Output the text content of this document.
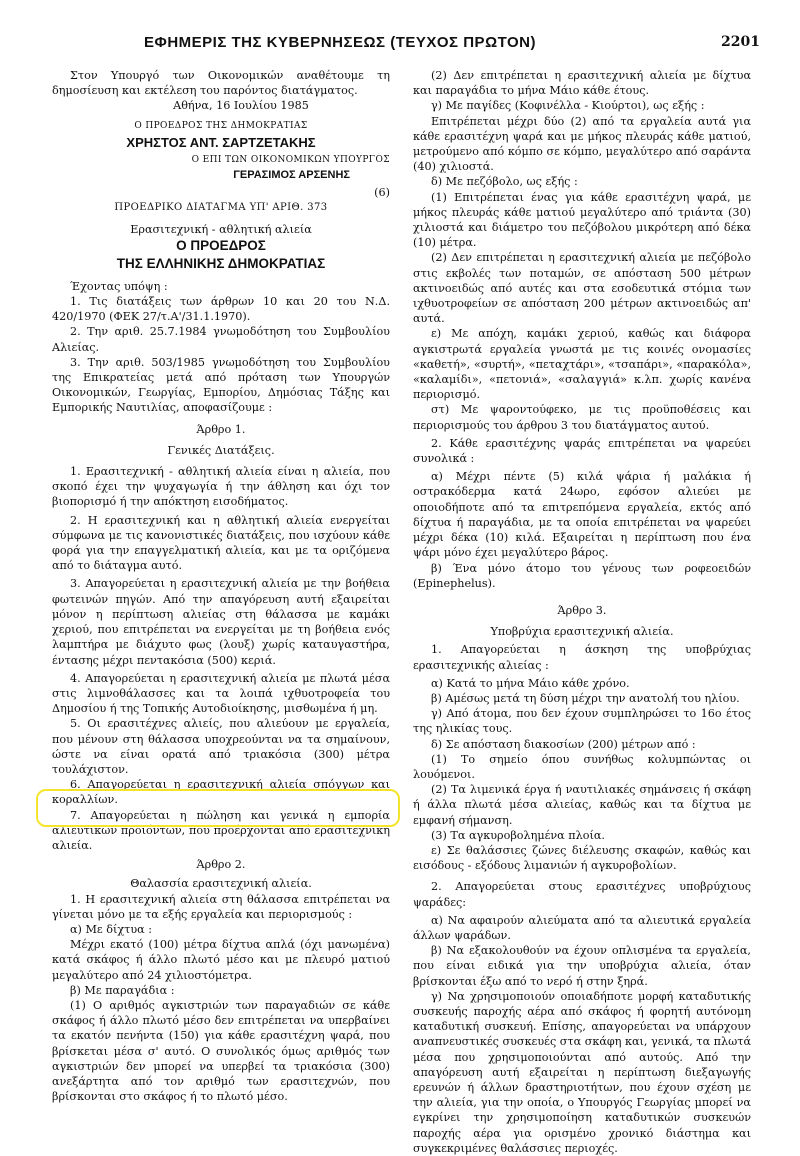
ΕΦΗΜΕΡΙΣ ΤΗΣ ΚΥΒΕΡΝΗΣΕΩΣ (ΤΕΥΧΟΣ ΠΡΩΤΟΝ)	2201

Στον Υπουργό των Οικονομικών αναθέτουμε τη δημοσίευση και εκτέλεση του παρόντος διατάγματος.

Αθήνα, 16 Ιουλίου 1985

Ο ΠΡΟΕΔΡΟΣ ΤΗΣ ΔΗΜΟΚΡΑΤΙΑΣ

ΧΡΗΣΤΟΣ ΑΝΤ. ΣΑΡΤΖΕΤΑΚΗΣ

Ο ΕΠΙ ΤΩΝ ΟΙΚΟΝΟΜΙΚΩΝ ΥΠΟΥΡΓΟΣ

ΓΕΡΑΣΙΜΟΣ ΑΡΣΕΝΗΣ

(6)

ΠΡΟΕΔΡΙΚΟ ΔΙΑΤΑΓΜΑ ΥΠ' ΑΡΙΘ. 373

Ερασιτεχνική - αθλητική αλιεία

Ο ΠΡΟΕΔΡΟΣ

ΤΗΣ ΕΛΛΗΝΙΚΗΣ ΔΗΜΟΚΡΑΤΙΑΣ

Έχοντας υπόψη :

1. Τις διατάξεις των άρθρων 10 και 20 του Ν.Δ. 420/1970 (ΦΕΚ 27/τ.Α'/31.1.1970).

2. Την αριθ. 25.7.1984 γνωμοδότηση του Συμβουλίου Αλιείας.

3. Την αριθ. 503/1985 γνωμοδότηση του Συμβουλίου της Επικρατείας μετά από πρόταση των Υπουργών Οικονομικών, Γεωργίας, Εμπορίου, Δημόσιας Τάξης και Εμπορικής Ναυτιλίας, αποφασίζουμε :

Άρθρο 1.

Γενικές Διατάξεις.

1. Ερασιτεχνική - αθλητική αλιεία είναι η αλιεία, που σκοπό έχει την ψυχαγωγία ή την άθληση και όχι τον βιοπορισμό ή την απόκτηση εισοδήματος.

2. Η ερασιτεχνική και η αθλητική αλιεία ενεργείται σύμφωνα με τις κανονιστικές διατάξεις, που ισχύουν κάθε φορά για την επαγγελματική αλιεία, και με τα οριζόμενα από το διάταγμα αυτό.

3. Απαγορεύεται η ερασιτεχνική αλιεία με την βοήθεια φωτεινών πηγών. Από την απαγόρευση αυτή εξαιρείται μόνον η περίπτωση αλιείας στη θάλασσα με καμάκι χεριού, που επιτρέπεται να ενεργείται με τη βοήθεια ενός λαμπτήρα με διάχυτο φως (λουξ) χωρίς καταυγαστήρα, έντασης μέχρι πεντακόσια (500) κεριά.

4. Απαγορεύεται η ερασιτεχνική αλιεία με πλωτά μέσα στις λιμνοθάλασσες και τα λοιπά ιχθυοτροφεία του Δημοσίου ή της Τοπικής Αυτοδιοίκησης, μισθωμένα ή μη.

5. Οι ερασιτέχνες αλιείς, που αλιεύουν με εργαλεία, που μένουν στη θάλασσα υποχρεούνται να τα σημαίνουν, ώστε να είναι ορατά από τριακόσια (300) μέτρα τουλάχιστον.

6. Απαγορεύεται η ερασιτεχνική αλιεία σπόγγων και κοραλλίων.

7. Απαγορεύεται η πώληση και γενικά η εμπορία αλιευτικών προϊόντων, που προέρχονται από ερασιτεχνική αλιεία.

Άρθρο 2.

Θαλασσία ερασιτεχνική αλιεία.

1. Η ερασιτεχνική αλιεία στη θάλασσα επιτρέπεται να γίνεται μόνο με τα εξής εργαλεία και περιορισμούς :

α) Με δίχτυα :

Μέχρι εκατό (100) μέτρα δίχτυα απλά (όχι μανωμένα) κατά σκάφος ή άλλο πλωτό μέσο και με πλευρό ματιού μεγαλύτερο από 24 χιλιοστόμετρα.

β) Με παραγάδια :

(1) Ο αριθμός αγκιστριών των παραγαδιών σε κάθε σκάφος ή άλλο πλωτό μέσο δεν επιτρέπεται να υπερβαίνει τα εκατόν πενήντα (150) για κάθε ερασιτέχνη ψαρά, που βρίσκεται μέσα σ' αυτό. Ο συνολικός όμως αριθμός των αγκιστριών δεν μπορεί να υπερβεί τα τριακόσια (300) ανεξάρτητα από τον αριθμό των ερασιτεχνών, που βρίσκονται στο σκάφος ή το πλωτό μέσο.

(2) Δεν επιτρέπεται η ερασιτεχνική αλιεία με δίχτυα και παραγάδια το μήνα Μάιο κάθε έτους.

γ) Με παγίδες (Κοφινέλλα - Κιούρτοι), ως εξής :

Επιτρέπεται μέχρι δύο (2) από τα εργαλεία αυτά για κάθε ερασιτέχνη ψαρά και με μήκος πλευράς κάθε ματιού, μετρούμενο από κόμπο σε κόμπο, μεγαλύτερο από σαράντα (40) χιλιοστά.

δ) Με πεζόβολο, ως εξής :

(1) Επιτρέπεται ένας για κάθε ερασιτέχνη ψαρά, με μήκος πλευράς κάθε ματιού μεγαλύτερο από τριάντα (30) χιλιοστά και διάμετρο του πεζόβολου μικρότερη από δέκα (10) μέτρα.

(2) Δεν επιτρέπεται η ερασιτεχνική αλιεία με πεζόβολο στις εκβολές των ποταμών, σε απόσταση 500 μέτρων ακτινοειδώς από αυτές και στα εσοδευτικά στόμια των ιχθυοτροφείων σε απόσταση 200 μέτρων ακτινοειδώς απ' αυτά.

ε) Με απόχη, καμάκι χεριού, καθώς και διάφορα αγκιστρωτά εργαλεία γνωστά με τις κοινές ονομασίες «καθετή», «συρτή», «πεταχτάρι», «τσαπάρι», «παρακόλα», «καλαμίδι», «πετονιά», «σαλαγγιά» κ.λπ. χωρίς κανένα περιορισμό.

στ) Με ψαροντούφεκο, με τις προϋποθέσεις και περιορισμούς του άρθρου 3 του διατάγματος αυτού.

2. Κάθε ερασιτέχνης ψαράς επιτρέπεται να ψαρεύει συνολικά :

α) Μέχρι πέντε (5) κιλά ψάρια ή μαλάκια ή οστρακόδερμα κατά 24ωρο, εφόσον αλιεύει με οποιοδήποτε από τα επιτρεπόμενα εργαλεία, εκτός από δίχτυα ή παραγάδια, με τα οποία επιτρέπεται να ψαρεύει μέχρι δέκα (10) κιλά. Εξαιρείται η περίπτωση που ένα ψάρι μόνο έχει μεγαλύτερο βάρος.

β) Ένα μόνο άτομο του γένους των ροφεοειδών (Epinephelus).

Άρθρο 3.

Υποβρύχια ερασιτεχνική αλιεία.

1. Απαγορεύεται η άσκηση της υποβρύχιας ερασιτεχνικής αλιείας :

α) Κατά το μήνα Μάιο κάθε χρόνο.

β) Αμέσως μετά τη δύση μέχρι την ανατολή του ηλίου.

γ) Από άτομα, που δεν έχουν συμπληρώσει το 16ο έτος της ηλικίας τους.

δ) Σε απόσταση διακοσίων (200) μέτρων από :

(1) Το σημείο όπου συνήθως κολυμπώντας οι λουόμενοι.

(2) Τα λιμενικά έργα ή ναυτιλιακές σημάνσεις ή σκάφη ή άλλα πλωτά μέσα αλιείας, καθώς και τα δίχτυα με εμφανή σήμανση.

(3) Τα αγκυροβολημένα πλοία.

ε) Σε θαλάσσιες ζώνες διέλευσης σκαφών, καθώς και εισόδους - εξόδους λιμανιών ή αγκυροβολίων.

2. Απαγορεύεται στους ερασιτέχνες υποβρύχιους ψαράδες:

α) Να αφαιρούν αλιεύματα από τα αλιευτικά εργαλεία άλλων ψαράδων.

β) Να εξακολουθούν να έχουν οπλισμένα τα εργαλεία, που είναι ειδικά για την υποβρύχια αλιεία, όταν βρίσκονται έξω από το νερό ή στην ξηρά.

γ) Να χρησιμοποιούν οποιαδήποτε μορφή καταδυτικής συσκευής παροχής αέρα από σκάφος ή φορητή αυτόνομη καταδυτική συσκευή. Επίσης, απαγορεύεται να υπάρχουν αναπνευστικές συσκευές στα σκάφη και, γενικά, τα πλωτά μέσα που χρησιμοποιούνται από αυτούς. Από την απαγόρευση αυτή εξαιρείται η περίπτωση διεξαγωγής ερευνών ή άλλων δραστηριοτήτων, που έχουν σχέση με την αλιεία, για την οποία, ο Υπουργός Γεωργίας μπορεί να εγκρίνει την χρησιμοποίηση καταδυτικών συσκευών παροχής αέρα για ορισμένο χρονικό διάστημα και συγκεκριμένες θαλάσσιες περιοχές.
